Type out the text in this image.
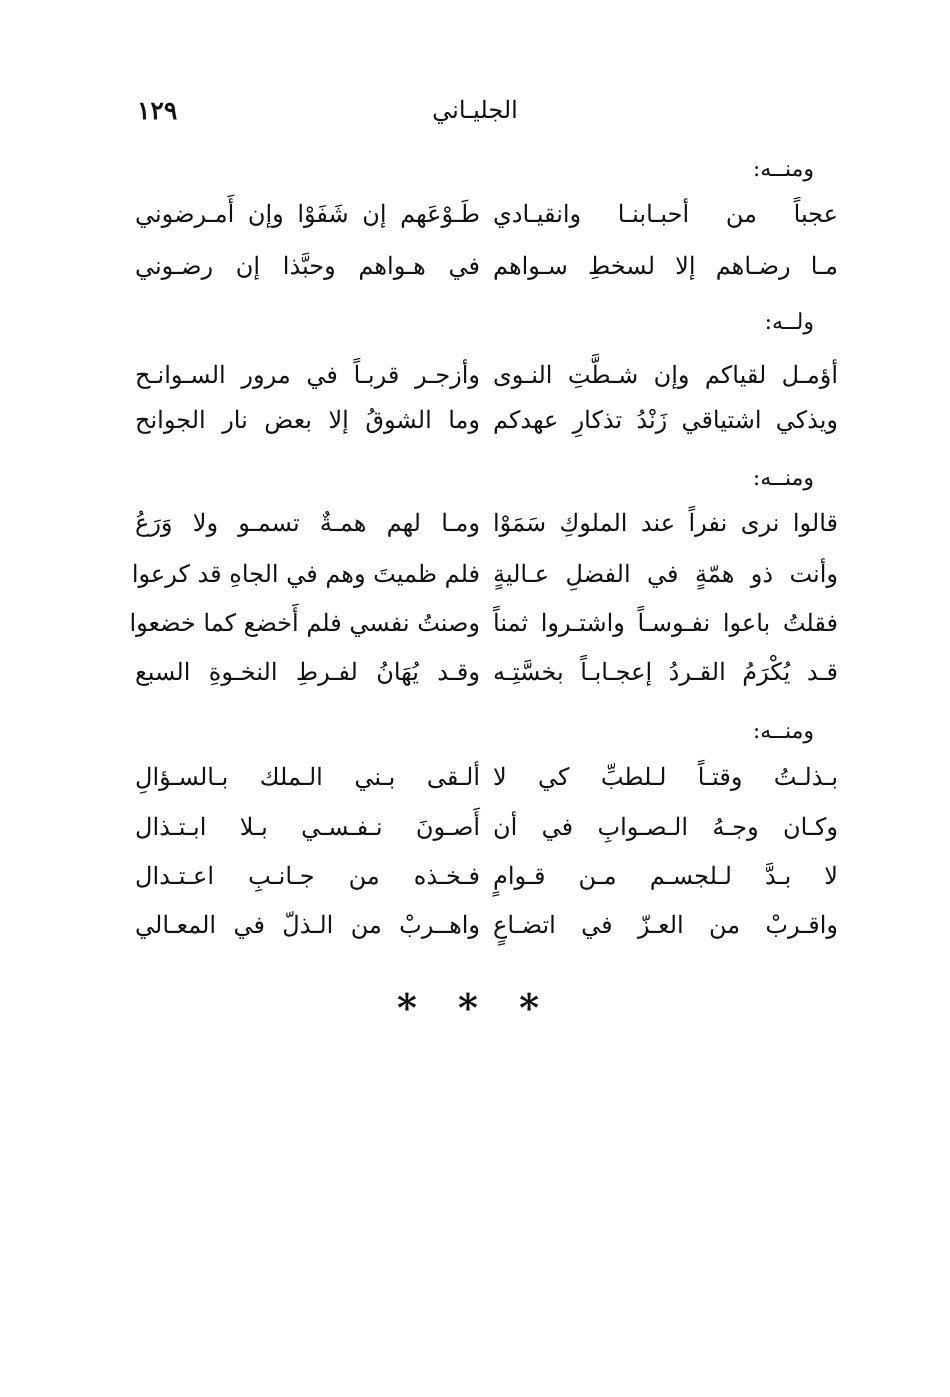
١٢٩	الجليـاني
ومنــه:
عجباً من أحبـابنـا وانقيـادي
طَـوْعَهم إن شَفَوْا وإن أَمـرضوني
مـا رضـاهم إلا لسخطِ سـواهم
في هـواهم وحبَّذا إن رضـوني
ولــه:
أؤمـل لقياكم وإن شـطَّتِ النـوى
وأزجـر قربـاً في مرور السـوانـح
ويذكي اشتياقي زَنْدُ تذكارِ عهدكم
وما الشوقُ إلا بعض نار الجوانح
ومنــه:
قالوا نرى نفراً عند الملوكِ سَمَوْا
ومـا لهم همـةٌ تسمـو ولا وَرَعُ
وأنت ذو همّةٍ في الفضلِ عـاليةٍ
فلم ظميتَ وهم في الجاهِ قد كرعوا
فقلتُ باعوا نفـوسـاً واشتـروا ثمناً
وصنتُ نفسي فلم أَخضع كما خضعوا
قـد يُكْرَمُ القـردُ إعجـابـاً بخسَّتِـه
وقـد يُهَانُ لفـرطِ النخـوةِ السبع
ومنــه:
بـذلـتُ وقتـاً لـلطبِّ كي لا
ألـقى بـني الـملك بـالسـؤالِ
وكـان وجـهُ الـصـوابِ في أن
أَصـونَ نـفـسـي بـلا ابـتـذال
لا بـدَّ لـلجسـم مـن قـوامٍ
فـخـذه من جـانـبِ اعـتـدال
واقـربْ من العـزّ في اتضـاعٍ
واهــربْ من الـذلّ في المعـالي
* * *
